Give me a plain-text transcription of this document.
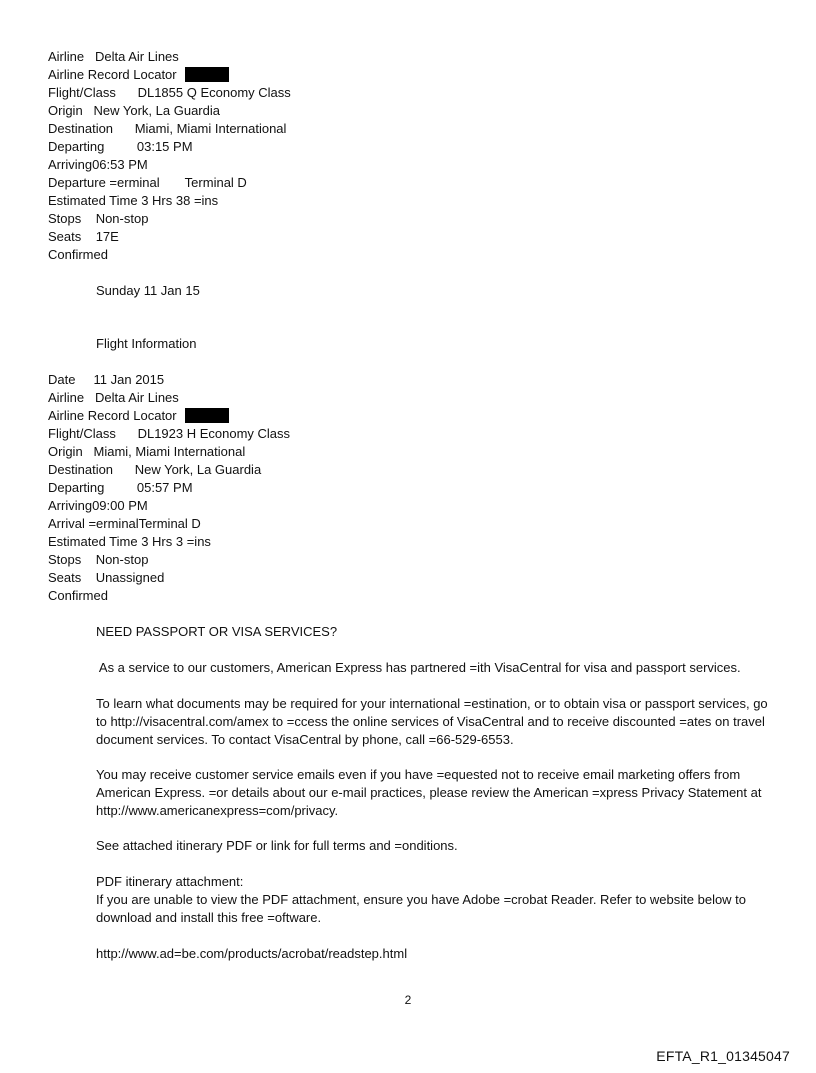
Airline   Delta Air Lines
Airline Record Locator
Flight/Class      DL1855 Q Economy Class
Origin   New York, La Guardia
Destination      Miami, Miami International
Departing         03:15 PM
Arriving06:53 PM
Departure =erminal       Terminal D
Estimated Time 3 Hrs 38 =ins
Stops    Non-stop
Seats    17E
Confirmed
Sunday 11 Jan 15
Flight Information
Date     11 Jan 2015
Airline   Delta Air Lines
Airline Record Locator
Flight/Class      DL1923 H Economy Class
Origin   Miami, Miami International
Destination      New York, La Guardia
Departing         05:57 PM
Arriving09:00 PM
Arrival =erminalTerminal D
Estimated Time 3 Hrs 3 =ins
Stops    Non-stop
Seats    Unassigned
Confirmed
NEED PASSPORT OR VISA SERVICES?
As a service to our customers, American Express has partnered =ith VisaCentral for visa and passport services.
To learn what documents may be required for your international =estination, or to obtain visa or passport services, go to http://visacentral.com/amex to =ccess the online services of VisaCentral and to receive discounted =ates on travel document services. To contact VisaCentral by phone, call =66-529-6553.
You may receive customer service emails even if you have =equested not to receive email marketing offers from American Express. =or details about our e-mail practices, please review the American =xpress Privacy Statement at http://www.americanexpress=com/privacy.
See attached itinerary PDF or link for full terms and =onditions.
PDF itinerary attachment:
If you are unable to view the PDF attachment, ensure you have Adobe =crobat Reader. Refer to website below to download and install this free =oftware.
http://www.ad=be.com/products/acrobat/readstep.html
2
EFTA_R1_01345047
